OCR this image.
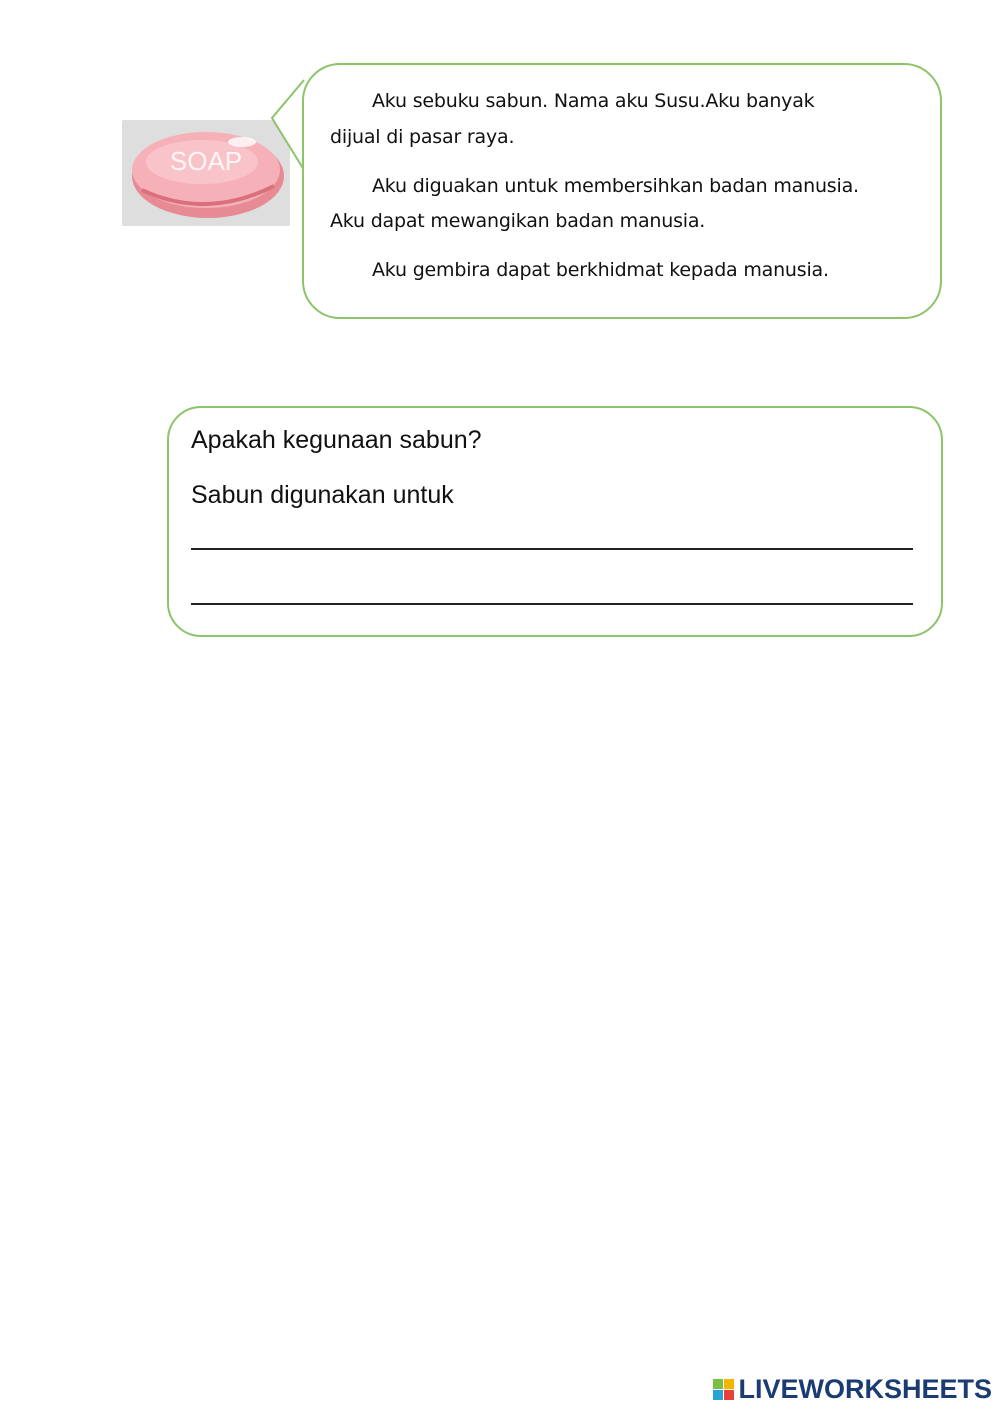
SOAP

Aku sebuku sabun. Nama aku Susu.Aku banyak

dijual di pasar raya.

Aku diguakan untuk membersihkan badan manusia.

Aku dapat mewangikan badan manusia.

Aku gembira dapat berkhidmat kepada manusia.

Apakah kegunaan sabun?
Sabun digunakan untuk
LIVEWORKSHEETS
